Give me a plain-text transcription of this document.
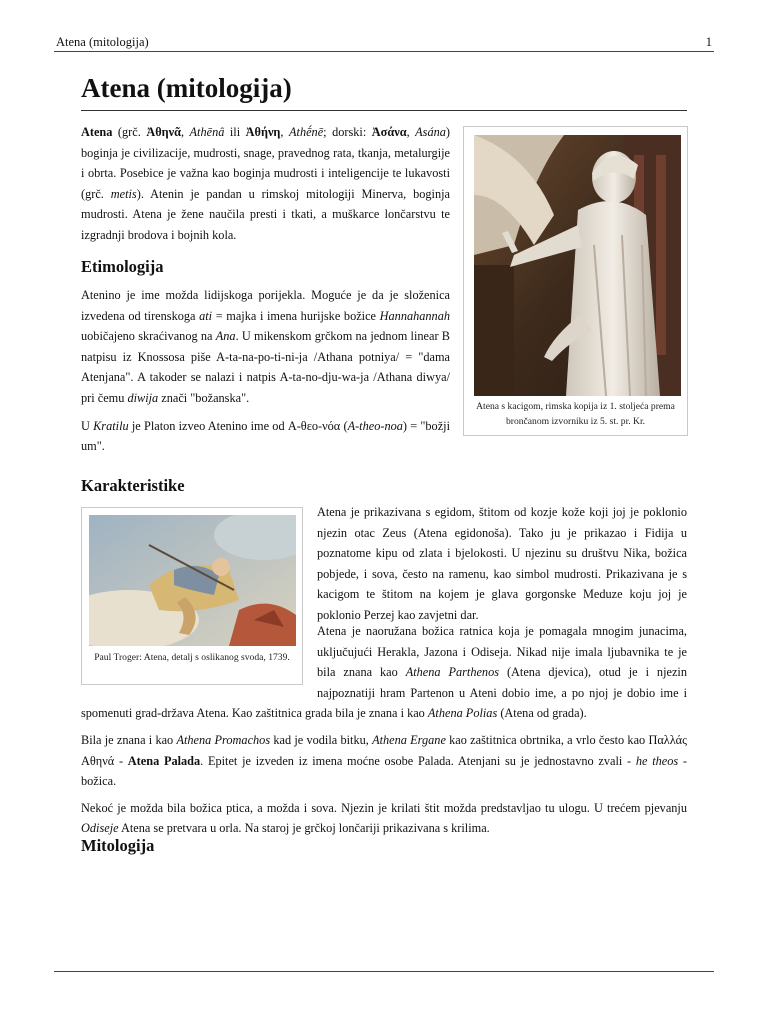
Atena (mitologija)	1
Atena (mitologija)

Atena (grč. Ἀθηνᾶ, Athēnâ ili Ἀθήνη, Athḗnē; dorski: Ἀσάνα, Asána) boginja je civilizacije, mudrosti, snage, pravednog rata, tkanja, metalurgije i obrta. Posebice je važna kao boginja mudrosti i inteligencije te lukavosti (grč. metis). Atenin je pandan u rimskoj mitologiji Minerva, boginja mudrosti. Atena je žene naučila presti i tkati, a muškarce lončarstvu te izgradnji brodova i bojnih kola.

Etimologija

Atenino je ime možda lidijskoga porijekla. Moguće je da je složenica izvedena od tirenskoga ati = majka i imena hurijske božice Hannahannah uobičajeno skraćivanog na Ana. U mikenskom grčkom na jednom linear B natpisu iz Knossosa piše A-ta-na-po-ti-ni-ja /Athana potniya/ = "dama Atenjana". A takoder se nalazi i natpis A-ta-no-dju-wa-ja /Athana diwya/ pri čemu diwija znači "božanska".

U Kratilu je Platon izveo Atenino ime od Α-θεο-νόα (A-theo-noa) = "božji um".

Atena s kacigom, rimska kopija iz 1. stoljeća prema brončanom izvorniku iz 5. st. pr. Kr.
Karakteristike
Paul Troger: Atena, detalj s oslikanog svoda, 1739.

Atena je prikazivana s egidom, štitom od kozje kože koji joj je poklonio njezin otac Zeus (Atena egidonoša). Tako ju je prikazao i Fidija u poznatome kipu od zlata i bjelokosti. U njezinu su društvu Nika, božica pobjede, i sova, često na ramenu, kao simbol mudrosti. Prikazivana je s kacigom te štitom na kojem je glava gorgonske Meduze koju joj je poklonio Perzej kao zavjetni dar.

Atena je naoružana božica ratnica koja je pomagala mnogim junacima, uključujući Herakla, Jazona i Odiseja. Nikad nije imala ljubavnika te je bila znana kao Athena Parthenos (Atena djevica), otud je i njezin najpoznatiji hram Partenon u Ateni dobio ime, a po njoj je dobio ime i spomenuti grad-država Atena. Kao zaštitnica grada bila je znana i kao Athena Polias (Atena od grada).

Bila je znana i kao Athena Promachos kad je vodila bitku, Athena Ergane kao zaštitnica obrtnika, a vrlo često kao Παλλάς Αθηνά - Atena Palada. Epitet je izveden iz imena moćne osobe Palada. Atenjani su je jednostavno zvali - he theos - božica.

Nekoć je možda bila božica ptica, a možda i sova. Njezin je krilati štit možda predstavljao tu ulogu. U trećem pjevanju Odiseje Atena se pretvara u orla. Na staroj je grčkoj lončariji prikazivana s krilima.

Mitologija
